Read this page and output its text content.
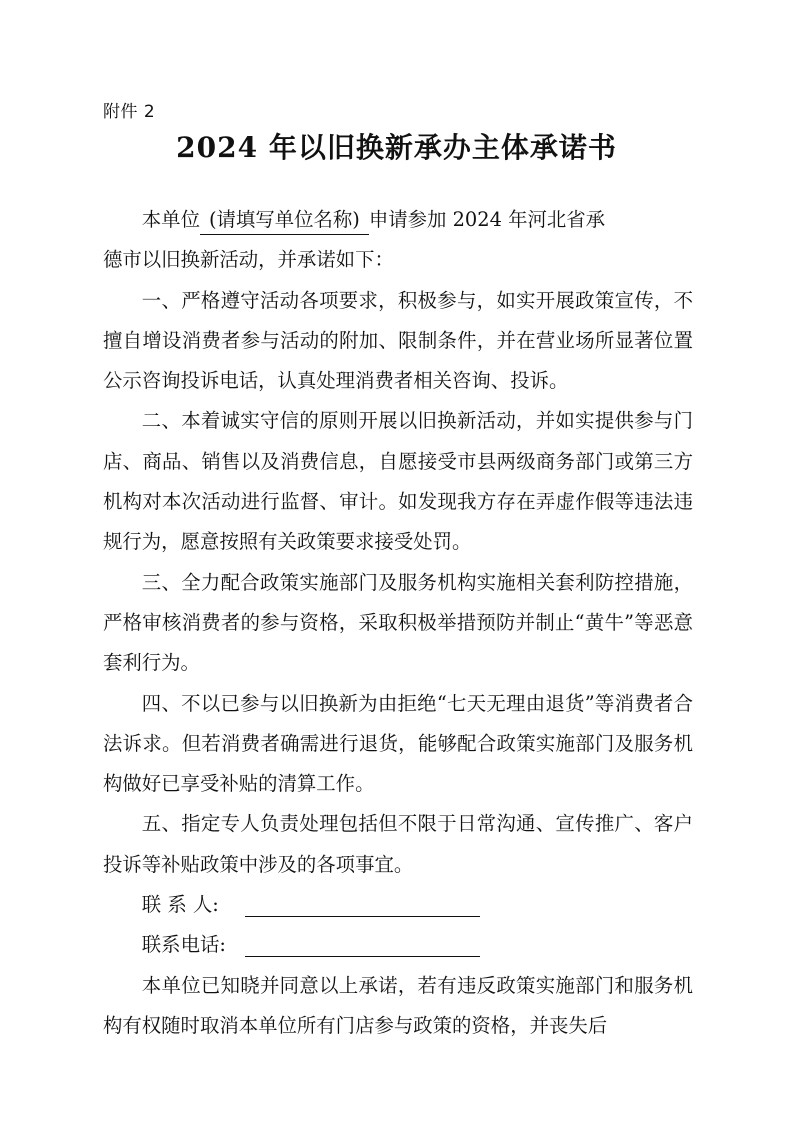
附件 2
2024 年以旧换新承办主体承诺书

本单位 (请填写单位名称) 申请参加 2024 年河北省承

德市以旧换新活动，并承诺如下：

一、严格遵守活动各项要求，积极参与，如实开展政策宣传，不擅自增设消费者参与活动的附加、限制条件，并在营业场所显著位置公示咨询投诉电话，认真处理消费者相关咨询、投诉。

二、本着诚实守信的原则开展以旧换新活动，并如实提供参与门店、商品、销售以及消费信息，自愿接受市县两级商务部门或第三方机构对本次活动进行监督、审计。如发现我方存在弄虚作假等违法违规行为，愿意按照有关政策要求接受处罚。

三、全力配合政策实施部门及服务机构实施相关套利防控措施，严格审核消费者的参与资格，采取积极举措预防并制止“黄牛”等恶意套利行为。

四、不以已参与以旧换新为由拒绝“七天无理由退货”等消费者合法诉求。但若消费者确需进行退货，能够配合政策实施部门及服务机构做好已享受补贴的清算工作。

五、指定专人负责处理包括但不限于日常沟通、宣传推广、客户投诉等补贴政策中涉及的各项事宜。

联 系 人:

联系电话:

本单位已知晓并同意以上承诺，若有违反政策实施部门和服务机构有权随时取消本单位所有门店参与政策的资格，并丧失后
